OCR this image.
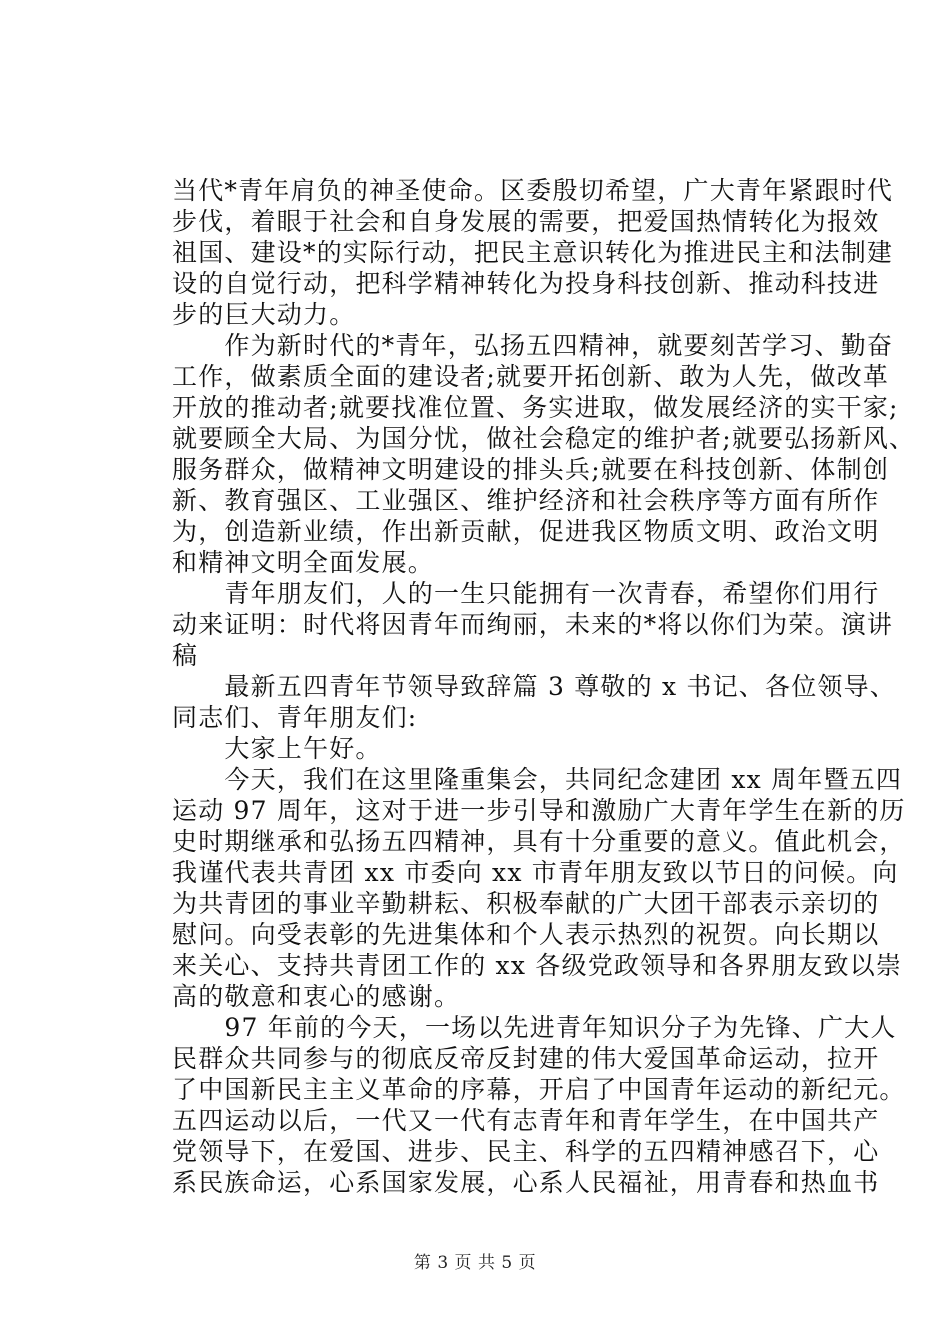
当代*青年肩负的神圣使命。区委殷切希望，广大青年紧跟时代
步伐，着眼于社会和自身发展的需要，把爱国热情转化为报效
祖国、建设*的实际行动，把民主意识转化为推进民主和法制建
设的自觉行动，把科学精神转化为投身科技创新、推动科技进
步的巨大动力。
　　作为新时代的*青年，弘扬五四精神，就要刻苦学习、勤奋
工作，做素质全面的建设者;就要开拓创新、敢为人先，做改革
开放的推动者;就要找准位置、务实进取，做发展经济的实干家;
就要顾全大局、为国分忧，做社会稳定的维护者;就要弘扬新风、
服务群众，做精神文明建设的排头兵;就要在科技创新、体制创
新、教育强区、工业强区、维护经济和社会秩序等方面有所作
为，创造新业绩，作出新贡献，促进我区物质文明、政治文明
和精神文明全面发展。
　　青年朋友们，人的一生只能拥有一次青春，希望你们用行
动来证明：时代将因青年而绚丽，未来的*将以你们为荣。演讲
稿
　　最新五四青年节领导致辞篇 3 尊敬的 x 书记、各位领导、
同志们、青年朋友们:
　　大家上午好。
　　今天，我们在这里隆重集会，共同纪念建团 xx 周年暨五四
运动 97 周年，这对于进一步引导和激励广大青年学生在新的历
史时期继承和弘扬五四精神，具有十分重要的意义。值此机会，
我谨代表共青团 xx 市委向 xx 市青年朋友致以节日的问候。向
为共青团的事业辛勤耕耘、积极奉献的广大团干部表示亲切的
慰问。向受表彰的先进集体和个人表示热烈的祝贺。向长期以
来关心、支持共青团工作的 xx 各级党政领导和各界朋友致以崇
高的敬意和衷心的感谢。
　　97 年前的今天，一场以先进青年知识分子为先锋、广大人
民群众共同参与的彻底反帝反封建的伟大爱国革命运动，拉开
了中国新民主主义革命的序幕，开启了中国青年运动的新纪元。
五四运动以后，一代又一代有志青年和青年学生，在中国共产
党领导下，在爱国、进步、民主、科学的五四精神感召下，心
系民族命运，心系国家发展，心系人民福祉，用青春和热血书
第 3 页 共 5 页
